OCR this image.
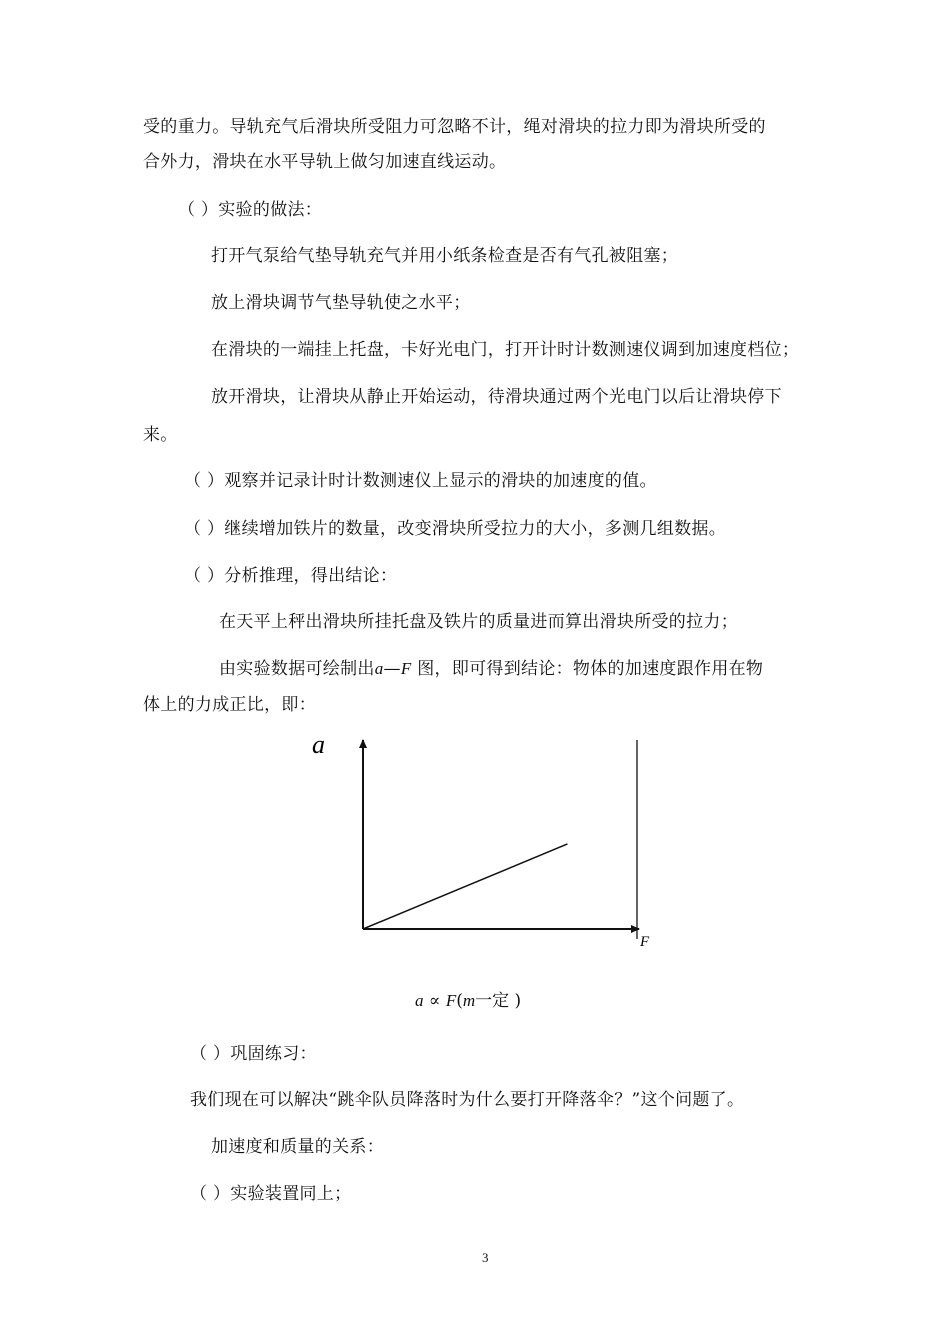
受的重力。导轨充气后滑块所受阻力可忽略不计，绳对滑块的拉力即为滑块所受的
合外力，滑块在水平导轨上做匀加速直线运动。
（ ）实验的做法：
打开气泵给气垫导轨充气并用小纸条检查是否有气孔被阻塞；
放上滑块调节气垫导轨使之水平；
在滑块的一端挂上托盘，卡好光电门，打开计时计数测速仪调到加速度档位；
放开滑块，让滑块从静止开始运动，待滑块通过两个光电门以后让滑块停下
来。
（ ）观察并记录计时计数测速仪上显示的滑块的加速度的值。
（ ）继续增加铁片的数量，改变滑块所受拉力的大小，多测几组数据。
（ ）分析推理，得出结论：
在天平上秤出滑块所挂托盘及铁片的质量进而算出滑块所受的拉力；
由实验数据可绘制出a—F 图，即可得到结论：物体的加速度跟作用在物
体上的力成正比，即：
a
F
a ∝ F(m一定 )
（ ）巩固练习：
我们现在可以解决“跳伞队员降落时为什么要打开降落伞？”这个问题了。
加速度和质量的关系：
（ ）实验装置同上；
3
